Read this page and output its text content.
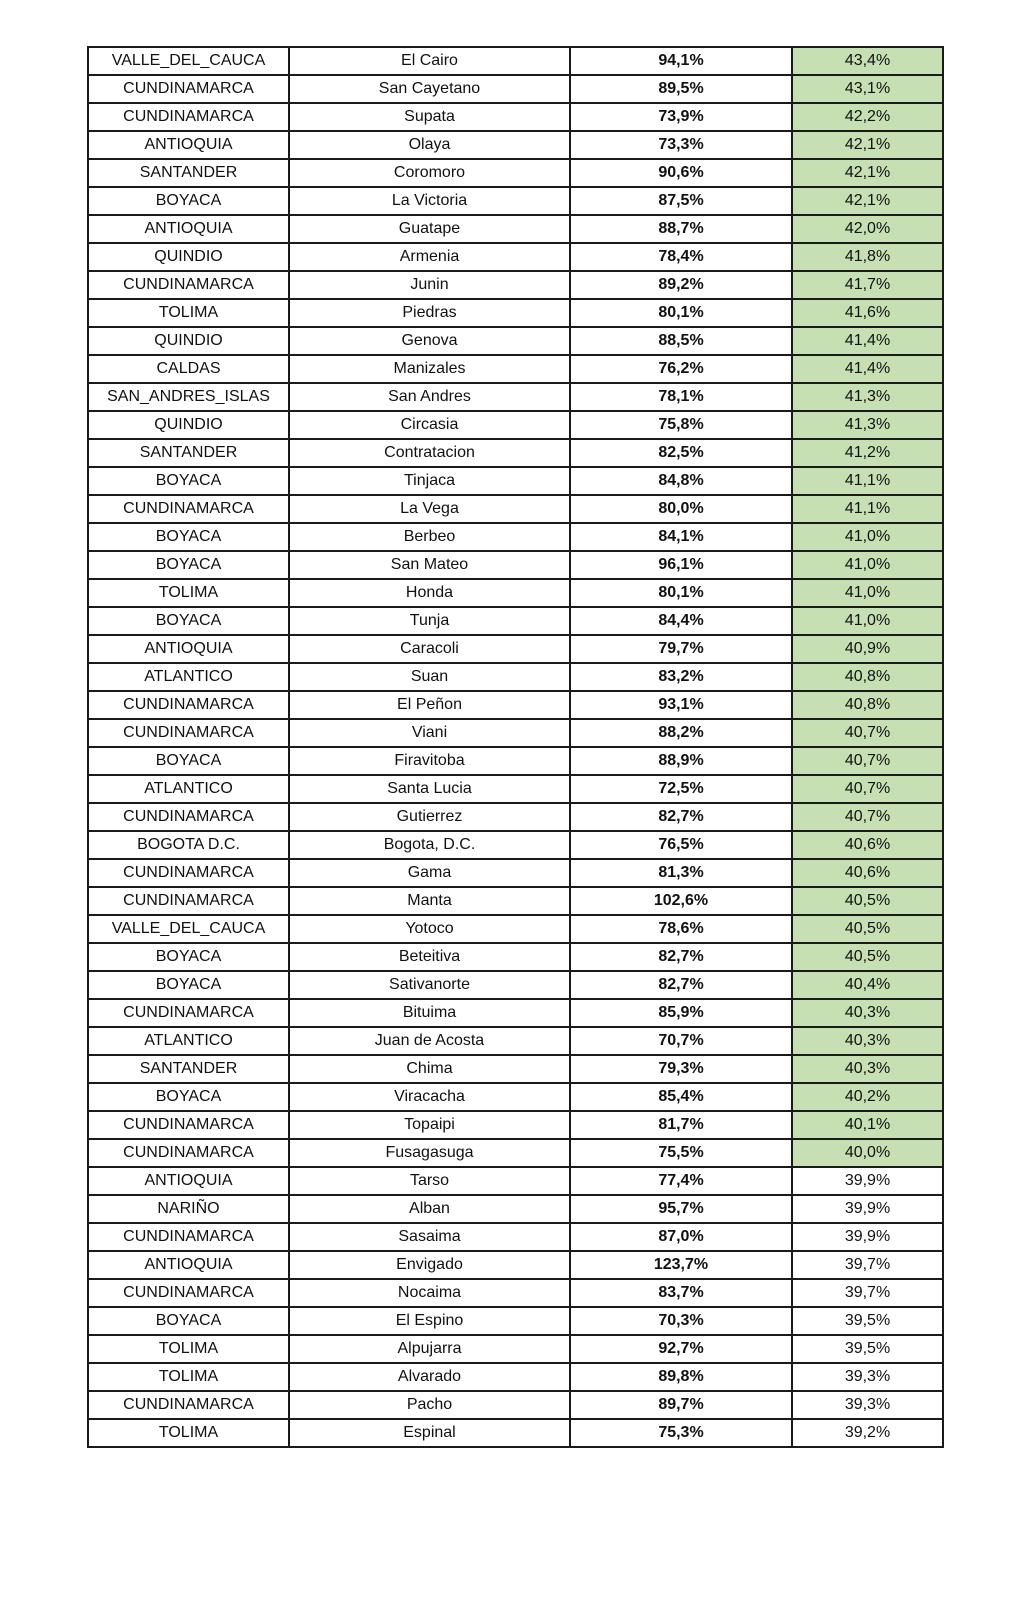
VALLE_DEL_CAUCA	El Cairo	94,1%	43,4%
CUNDINAMARCA	San Cayetano	89,5%	43,1%
CUNDINAMARCA	Supata	73,9%	42,2%
ANTIOQUIA	Olaya	73,3%	42,1%
SANTANDER	Coromoro	90,6%	42,1%
BOYACA	La Victoria	87,5%	42,1%
ANTIOQUIA	Guatape	88,7%	42,0%
QUINDIO	Armenia	78,4%	41,8%
CUNDINAMARCA	Junin	89,2%	41,7%
TOLIMA	Piedras	80,1%	41,6%
QUINDIO	Genova	88,5%	41,4%
CALDAS	Manizales	76,2%	41,4%
SAN_ANDRES_ISLAS	San Andres	78,1%	41,3%
QUINDIO	Circasia	75,8%	41,3%
SANTANDER	Contratacion	82,5%	41,2%
BOYACA	Tinjaca	84,8%	41,1%
CUNDINAMARCA	La Vega	80,0%	41,1%
BOYACA	Berbeo	84,1%	41,0%
BOYACA	San Mateo	96,1%	41,0%
TOLIMA	Honda	80,1%	41,0%
BOYACA	Tunja	84,4%	41,0%
ANTIOQUIA	Caracoli	79,7%	40,9%
ATLANTICO	Suan	83,2%	40,8%
CUNDINAMARCA	El Peñon	93,1%	40,8%
CUNDINAMARCA	Viani	88,2%	40,7%
BOYACA	Firavitoba	88,9%	40,7%
ATLANTICO	Santa Lucia	72,5%	40,7%
CUNDINAMARCA	Gutierrez	82,7%	40,7%
BOGOTA D.C.	Bogota, D.C.	76,5%	40,6%
CUNDINAMARCA	Gama	81,3%	40,6%
CUNDINAMARCA	Manta	102,6%	40,5%
VALLE_DEL_CAUCA	Yotoco	78,6%	40,5%
BOYACA	Beteitiva	82,7%	40,5%
BOYACA	Sativanorte	82,7%	40,4%
CUNDINAMARCA	Bituima	85,9%	40,3%
ATLANTICO	Juan de Acosta	70,7%	40,3%
SANTANDER	Chima	79,3%	40,3%
BOYACA	Viracacha	85,4%	40,2%
CUNDINAMARCA	Topaipi	81,7%	40,1%
CUNDINAMARCA	Fusagasuga	75,5%	40,0%
ANTIOQUIA	Tarso	77,4%	39,9%
NARIÑO	Alban	95,7%	39,9%
CUNDINAMARCA	Sasaima	87,0%	39,9%
ANTIOQUIA	Envigado	123,7%	39,7%
CUNDINAMARCA	Nocaima	83,7%	39,7%
BOYACA	El Espino	70,3%	39,5%
TOLIMA	Alpujarra	92,7%	39,5%
TOLIMA	Alvarado	89,8%	39,3%
CUNDINAMARCA	Pacho	89,7%	39,3%
TOLIMA	Espinal	75,3%	39,2%
